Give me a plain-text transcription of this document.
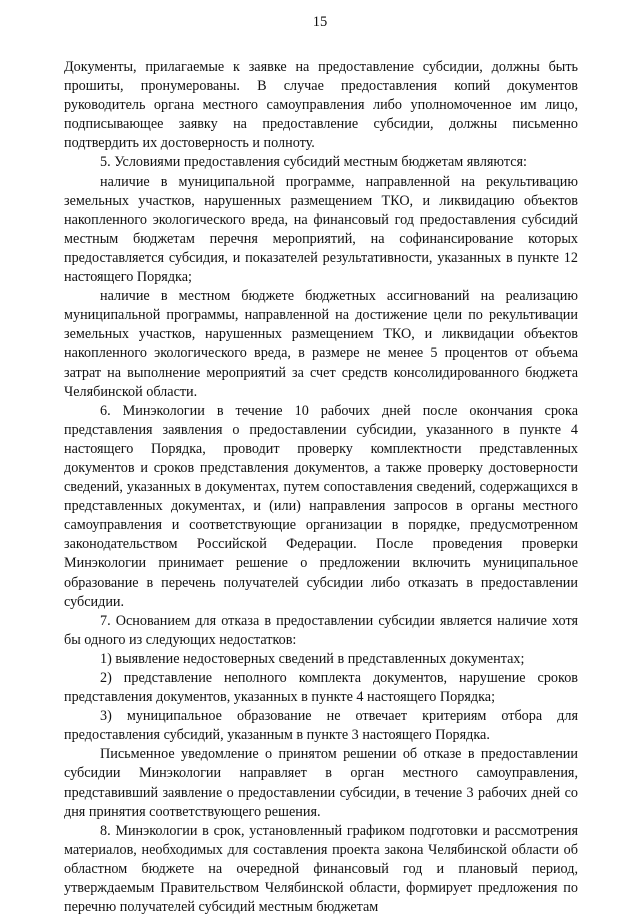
15

Документы, прилагаемые к заявке на предоставление субсидии, должны быть прошиты, пронумерованы. В случае предоставления копий документов руководитель органа местного самоуправления либо уполномоченное им лицо, подписывающее заявку на предоставление субсидии, должны письменно подтвердить их достоверность и полноту.

5. Условиями предоставления субсидий местным бюджетам являются:

наличие в муниципальной программе, направленной на рекультивацию земельных участков, нарушенных размещением ТКО, и ликвидацию объектов накопленного экологического вреда, на финансовый год предоставления субсидий местным бюджетам перечня мероприятий, на софинансирование которых предоставляется субсидия, и показателей результативности, указанных в пункте 12 настоящего Порядка;

наличие в местном бюджете бюджетных ассигнований на реализацию муниципальной программы, направленной на достижение цели по рекультивации земельных участков, нарушенных размещением ТКО, и ликвидации объектов накопленного экологического вреда, в размере не менее 5 процентов от объема затрат на выполнение мероприятий за счет средств консолидированного бюджета Челябинской области.

6. Минэкологии в течение 10 рабочих дней после окончания срока представления заявления о предоставлении субсидии, указанного в пункте 4 настоящего Порядка, проводит проверку комплектности представленных документов и сроков представления документов, а также проверку достоверности сведений, указанных в документах, путем сопоставления сведений, содержащихся в представленных документах, и (или) направления запросов в органы местного самоуправления и соответствующие организации в порядке, предусмотренном законодательством Российской Федерации. После проведения проверки Минэкологии принимает решение о предложении включить муниципальное образование в перечень получателей субсидии либо отказать в предоставлении субсидии.

7. Основанием для отказа в предоставлении субсидии является наличие хотя бы одного из следующих недостатков:

1) выявление недостоверных сведений в представленных документах;

2) представление неполного комплекта документов, нарушение сроков представления документов, указанных в пункте 4 настоящего Порядка;

3) муниципальное образование не отвечает критериям отбора для предоставления субсидий, указанным в пункте 3 настоящего Порядка.

Письменное уведомление о принятом решении об отказе в предоставлении субсидии Минэкологии направляет в орган местного самоуправления, представивший заявление о предоставлении субсидии, в течение 3 рабочих дней со дня принятия соответствующего решения.

8. Минэкологии в срок, установленный графиком подготовки и рассмотрения материалов, необходимых для составления проекта закона Челябинской области об областном бюджете на очередной финансовый год и плановый период, утверждаемым Правительством Челябинской области, формирует предложения по перечню получателей субсидий местным бюджетам
